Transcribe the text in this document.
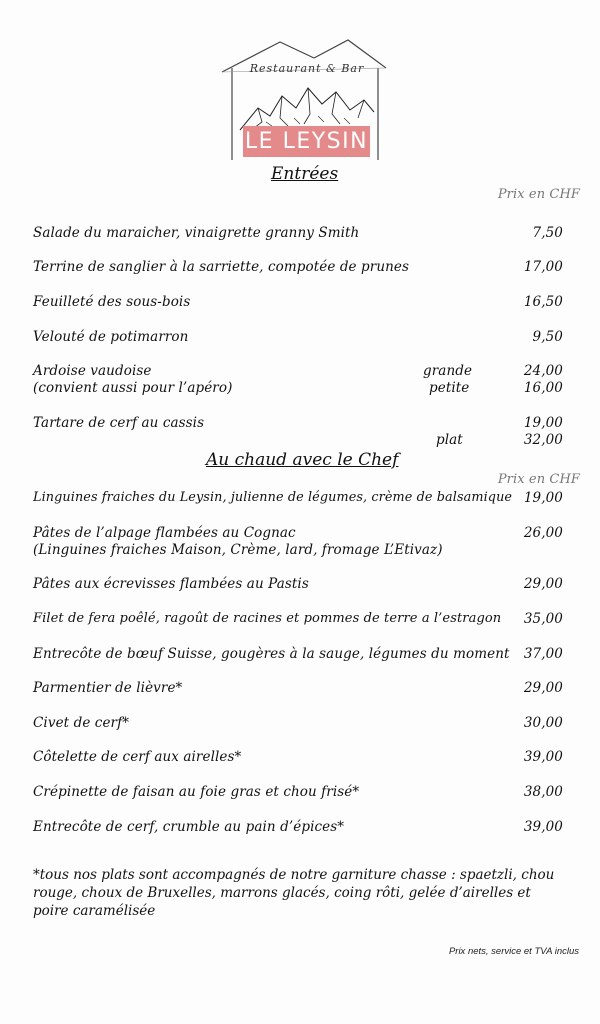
Restaurant & Bar
LE LEYSIN
Entrées
Prix en CHF
Salade du maraicher, vinaigrette granny Smith	7,50
Terrine de sanglier à la sarriette, compotée de prunes	17,00
Feuilleté des sous-bois	16,50
Velouté de potimarron	9,50
Ardoise vaudoise
(convient aussi pour l’apéro)
grande	24,00
petite	16,00
Tartare de cerf au cassis	19,00
plat	32,00
Au chaud avec le Chef
Prix en CHF
Linguines fraiches du Leysin, julienne de légumes, crème de balsamique 19,00
Pâtes de l’alpage flambées au Cognac
(Linguines fraiches Maison, Crème, lard, fromage L’Etivaz)
26,00
Pâtes aux écrevisses flambées au Pastis	29,00
Filet de fera poêlé, ragoût de racines et pommes de terre a l’estragon 35,00
Entrecôte de bœuf Suisse, gougères à la sauge, légumes du moment 37,00
Parmentier de lièvre*	29,00
Civet de cerf*	30,00
Côtelette de cerf aux airelles*	39,00
Crépinette de faisan au foie gras et chou frisé*	38,00
Entrecôte de cerf, crumble au pain d’épices*	39,00
*tous nos plats sont accompagnés de notre garniture chasse : spaetzli, chou rouge, choux de Bruxelles, marrons glacés, coing rôti, gelée d’airelles et poire caramélisée
Prix nets, service et TVA inclus
